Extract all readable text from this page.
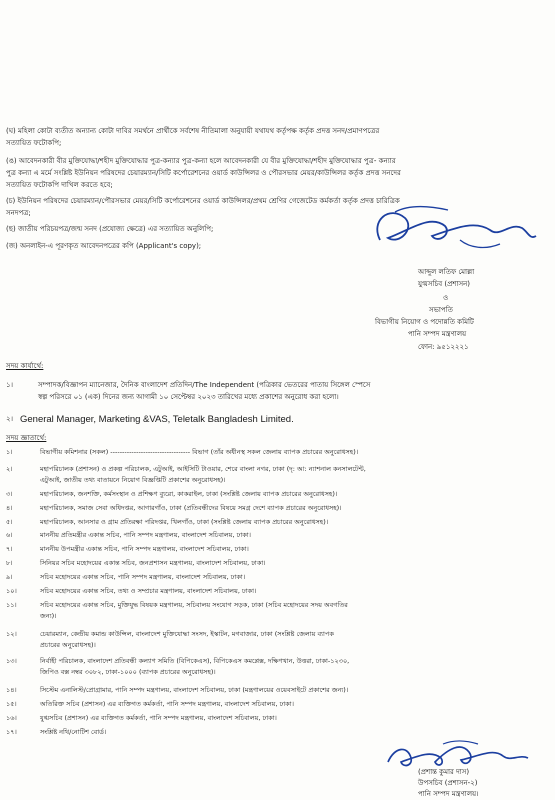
(ঘ) মহিলা কোটা ব্যতীত অন্যান্য কোটা দাবির সমর্থনে প্রার্থীকে সর্বশেষ নীতিমালা অনুযায়ী যথাযথ কর্তৃপক্ষ কর্তৃক প্রদত্ত সনদ/প্রমাণপত্রের
সত্যায়িত ফটোকপি;
(ঙ) আবেদনকারী বীর মুক্তিযোদ্ধা/শহীদ মুক্তিযোদ্ধার পুত্র-কন্যার পুত্র-কন্যা হলে আবেদনকারী যে বীর মুক্তিযোদ্ধা/শহীদ মুক্তিযোদ্ধার পুত্র- কন্যার
পুত্র কন্যা এ মর্মে সংশ্লিষ্ট ইউনিয়ন পরিষদের চেয়ারম্যান/সিটি কর্পোরেশনের ওয়ার্ড কাউন্সিলর ও পৌরসভার মেয়র/কাউন্সিলর কর্তৃক প্রদত্ত সনদের
সত্যায়িত ফটোকপি দাখিল করতে হবে;
(চ) ইউনিয়ন পরিষদের চেয়ারম্যান/পৌরসভার মেয়র/সিটি কর্পোরেশনের ওয়ার্ড কাউন্সিলর/প্রথম শ্রেণির গেজেটেড কর্মকর্তা কর্তৃক প্রদত্ত চারিত্রিক
সনদপত্র;
(ছ) জাতীয় পরিচয়পত্র/জন্ম সনদ (প্রযোজ্য ক্ষেত্রে) এর সত্যায়িত অনুলিপি;
(জ) অনলাইন-এ পূরণকৃত আবেদনপত্রের কপি (Applicant's copy);
আব্দুল লতিফ মোল্লা
যুগ্মসচিব (প্রশাসন)
ও
সভাপতি
বিভাগীয় নিয়োগ ও পদোন্নতি কমিটি
পানি সম্পদ মন্ত্রণালয়
ফোন: ৯৫১২২২১
সদয় কার্যার্থে:
১।	সম্পাদক/বিজ্ঞাপন ম্যানেজার, দৈনিক বাংলাদেশ প্রতিদিন/The Independent (পত্রিকার ভেতরের পাতায় সিঙ্গেল স্পেসে
স্বল্প পরিসরে ০১ (এক) দিনের জন্য আগামী ১০ সেপ্টেম্বর ২০২৩ তারিখের মধ্যে প্রকাশের অনুরোধ করা হলো।
২। General Manager, Marketing &VAS, Teletalk Bangladesh Limited.
সদয় জ্ঞাতার্থে:
১।	বিভাগীয় কমিশনার (সকল) ---------------------------------- বিভাগ (তাঁর অধীনস্থ সকল জেলায় ব্যাপক প্রচারের অনুরোধসহ)।
২।	মহাপরিচালক (প্রশাসন) ও প্রকল্প পরিচালক, এটুআই, আইসিটি টাওয়ার, শেরে বাংলা নগর, ঢাকা (দৃ: আ: ন্যাশনাল কনসালটেন্ট,
এটুআই, জাতীয় তথ্য বাতায়নে নিয়োগ বিজ্ঞপ্তিটি প্রকাশের অনুরোধসহ)।
৩।	মহাপরিচালক, জনশক্তি, কর্মসংস্থান ও প্রশিক্ষণ ব্যুরো, কাকরাইল, ঢাকা (সংশ্লিষ্ট জেলায় ব্যাপক প্রচারের অনুরোধসহ)।
৪।	মহাপরিচালক, সমাজ সেবা অধিদপ্তর, আগারগাঁও, ঢাকা (প্রতিবন্ধীদের বিষয়ে সমগ্র দেশে ব্যাপক প্রচারের অনুরোধসহ)।
৫।	মহাপরিচালক, আনসার ও গ্রাম প্রতিরক্ষা পরিদপ্তর, খিলগাঁও, ঢাকা (সংশ্লিষ্ট জেলায় ব্যাপক প্রচারের অনুরোধসহ)।
৬।	মাননীয় প্রতিমন্ত্রীর একান্ত সচিব, পানি সম্পদ মন্ত্রণালয়, বাংলাদেশ সচিবালয়, ঢাকা।
৭।	মাননীয় উপমন্ত্রীর একান্ত সচিব, পানি সম্পদ মন্ত্রণালয়, বাংলাদেশ সচিবালয়, ঢাকা।
৮।	সিনিয়র সচিব মহোদয়ের একান্ত সচিব, জনপ্রশাসন মন্ত্রণালয়, বাংলাদেশ সচিবালয়, ঢাকা।
৯।	সচিব মহোদয়ের একান্ত সচিব, পানি সম্পদ মন্ত্রণালয়, বাংলাদেশ সচিবালয়, ঢাকা।
১০।	সচিব মহোদয়ের একান্ত সচিব, তথ্য ও সম্প্রচার মন্ত্রণালয়, বাংলাদেশ সচিবালয়, ঢাকা।
১১।	সচিব মহোদয়ের একান্ত সচিব, মুক্তিযুদ্ধ বিষয়ক মন্ত্রণালয়, সচিবালয় সংযোগ সড়ক, ঢাকা (সচিব মহোদয়ের সদয় অবগতির
জন্য)।
১২।	চেয়ারম্যান, কেন্দ্রীয় কমান্ড কাউন্সিল, বাংলাদেশ মুক্তিযোদ্ধা সংসদ, ইস্কাটন, মগবাজার, ঢাকা (সংশ্লিষ্ট জেলায় ব্যাপক
প্রচারের অনুরোধসহ)।
১৩।	নির্বাহী পরিচালক, বাংলাদেশ প্রতিবন্ধী কল্যাণ সমিতি (বিপিকেএস), বিপিকেএস কমপ্লেক্স, দক্ষিণখান, উত্তরা, ঢাকা-১২৩০,
জিপিও বক্স নম্বর ৩০৮২, ঢাকা-১০০০ (ব্যাপক প্রচারের অনুরোধসহ)।
১৪।	সিস্টেম এনালিস্ট/প্রোগ্রামার, পানি সম্পদ মন্ত্রণালয়, বাংলাদেশ সচিবালয়, ঢাকা (মন্ত্রণালয়ের ওয়েবসাইটে প্রকাশের জন্য)।
১৫।	অতিরিক্ত সচিব (প্রশাসন) এর ব্যক্তিগত কর্মকর্তা, পানি সম্পদ মন্ত্রণালয়, বাংলাদেশ সচিবালয়, ঢাকা।
১৬।	যুগ্মসচিব (প্রশাসন) এর ব্যক্তিগত কর্মকর্তা, পানি সম্পদ মন্ত্রণালয়, বাংলাদেশ সচিবালয়, ঢাকা।
১৭।	সংশ্লিষ্ট নথি/নোটিশ বোর্ড।
(প্রশান্ত কুমার দাস)
উপসচিব (প্রশাসন-২)
পানি সম্পদ মন্ত্রণালয়।
